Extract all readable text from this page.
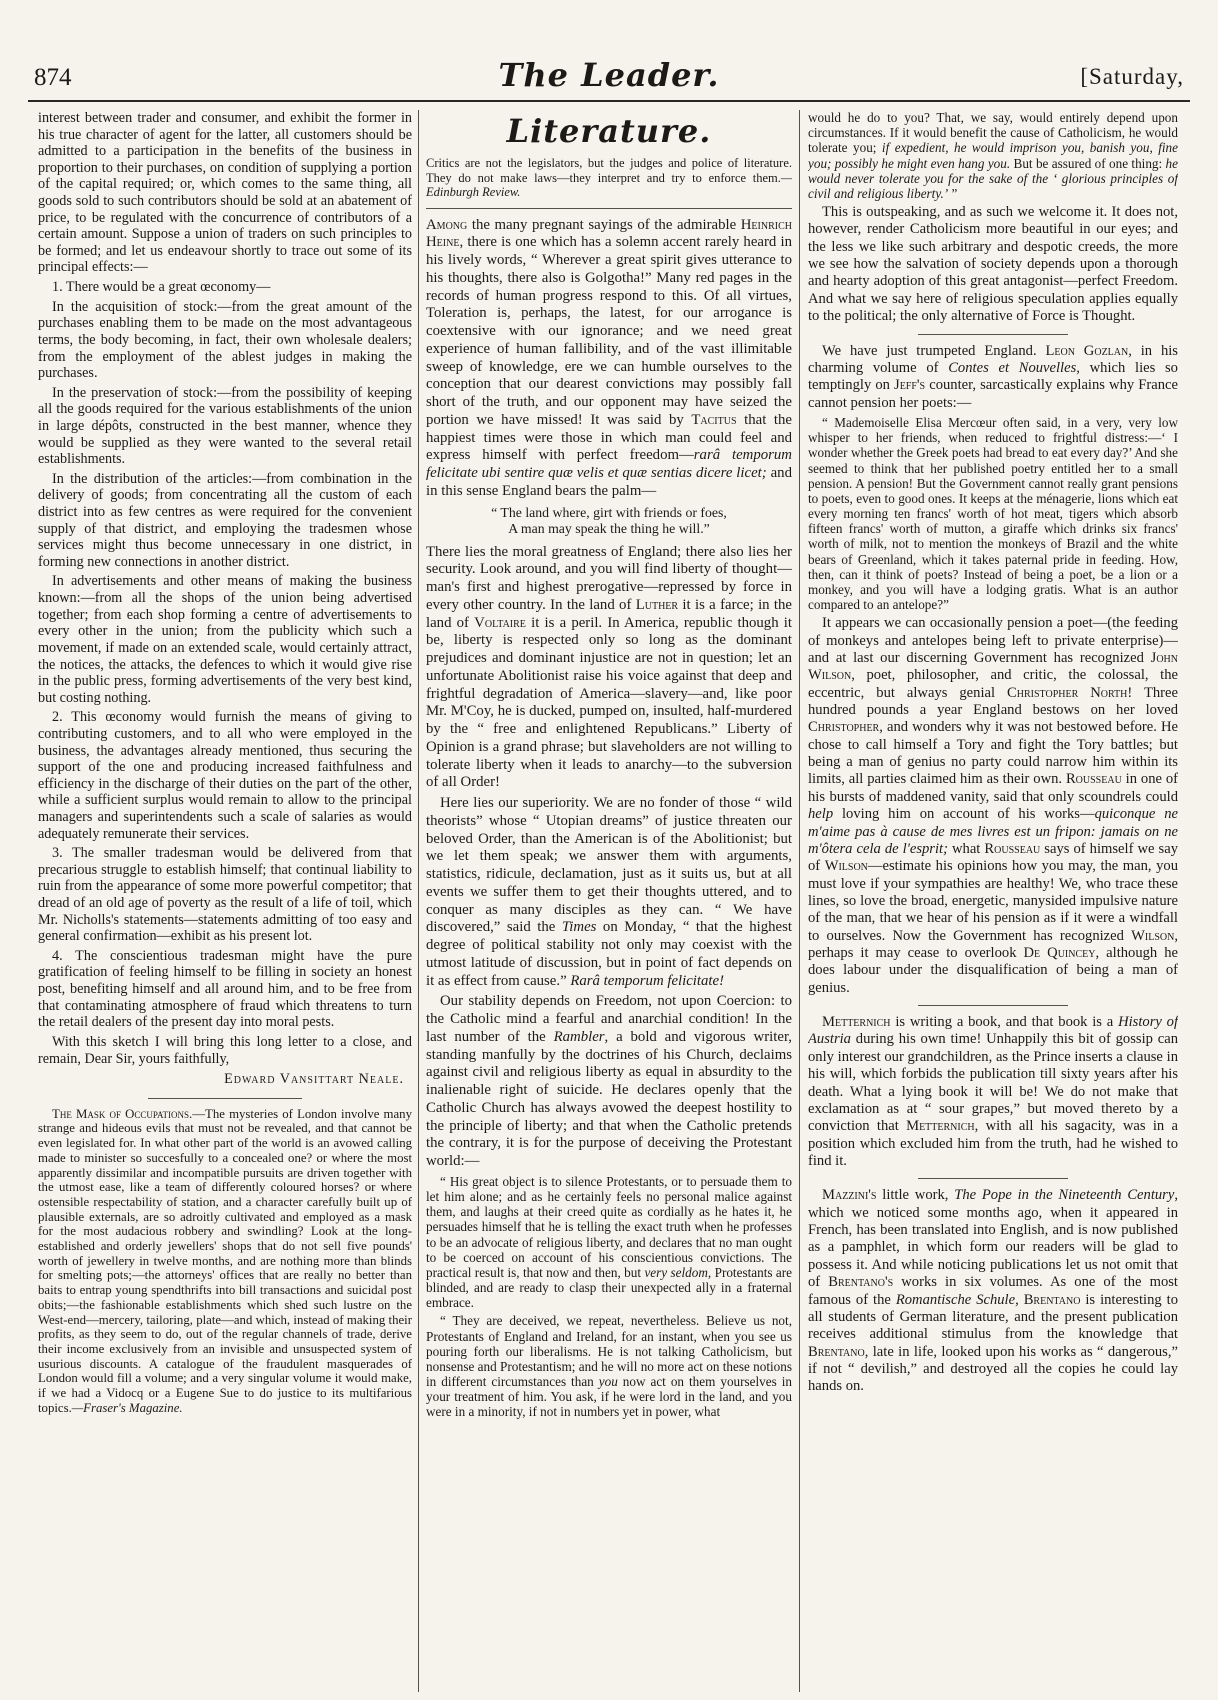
874	The Leader.	[Saturday,

interest between trader and consumer, and exhibit the former in his true character of agent for the latter, all customers should be admitted to a participation in the benefits of the business in proportion to their purchases, on condition of supplying a portion of the capital required; or, which comes to the same thing, all goods sold to such contributors should be sold at an abatement of price, to be regulated with the concurrence of contributors of a certain amount. Suppose a union of traders on such principles to be formed; and let us endeavour shortly to trace out some of its principal effects:—

1. There would be a great œconomy—

In the acquisition of stock:—from the great amount of the purchases enabling them to be made on the most advantageous terms, the body becoming, in fact, their own wholesale dealers; from the employment of the ablest judges in making the purchases.

In the preservation of stock:—from the possibility of keeping all the goods required for the various establishments of the union in large dépôts, constructed in the best manner, whence they would be supplied as they were wanted to the several retail establishments.

In the distribution of the articles:—from combination in the delivery of goods; from concentrating all the custom of each district into as few centres as were required for the convenient supply of that district, and employing the tradesmen whose services might thus become unnecessary in one district, in forming new connections in another district.

In advertisements and other means of making the business known:—from all the shops of the union being advertised together; from each shop forming a centre of advertisements to every other in the union; from the publicity which such a movement, if made on an extended scale, would certainly attract, the notices, the attacks, the defences to which it would give rise in the public press, forming advertisements of the very best kind, but costing nothing.

2. This œconomy would furnish the means of giving to contributing customers, and to all who were employed in the business, the advantages already mentioned, thus securing the support of the one and producing increased faithfulness and efficiency in the discharge of their duties on the part of the other, while a sufficient surplus would remain to allow to the principal managers and superintendents such a scale of salaries as would adequately remunerate their services.

3. The smaller tradesman would be delivered from that precarious struggle to establish himself; that continual liability to ruin from the appearance of some more powerful competitor; that dread of an old age of poverty as the result of a life of toil, which Mr. Nicholls's statements—statements admitting of too easy and general confirmation—exhibit as his present lot.

4. The conscientious tradesman might have the pure gratification of feeling himself to be filling in society an honest post, benefiting himself and all around him, and to be free from that contaminating atmosphere of fraud which threatens to turn the retail dealers of the present day into moral pests.

With this sketch I will bring this long letter to a close, and remain, Dear Sir, yours faithfully,

Edward Vansittart Neale.

The Mask of Occupations.—The mysteries of London involve many strange and hideous evils that must not be revealed, and that cannot be even legislated for. In what other part of the world is an avowed calling made to minister so succesfully to a concealed one? or where the most apparently dissimilar and incompatible pursuits are driven together with the utmost ease, like a team of differently coloured horses? or where ostensible respectability of station, and a character carefully built up of plausible externals, are so adroitly cultivated and employed as a mask for the most audacious robbery and swindling? Look at the long-established and orderly jewellers' shops that do not sell five pounds' worth of jewellery in twelve months, and are nothing more than blinds for smelting pots;—the attorneys' offices that are really no better than baits to entrap young spendthrifts into bill transactions and suicidal post obits;—the fashionable establishments which shed such lustre on the West-end—mercery, tailoring, plate—and which, instead of making their profits, as they seem to do, out of the regular channels of trade, derive their income exclusively from an invisible and unsuspected system of usurious discounts. A catalogue of the fraudulent masquerades of London would fill a volume; and a very singular volume it would make, if we had a Vidocq or a Eugene Sue to do justice to its multifarious topics.—Fraser's Magazine.

Literature.

Critics are not the legislators, but the judges and police of literature. They do not make laws—they interpret and try to enforce them.—Edinburgh Review.

Among the many pregnant sayings of the admirable Heinrich Heine, there is one which has a solemn accent rarely heard in his lively words, “ Wherever a great spirit gives utterance to his thoughts, there also is Golgotha!” Many red pages in the records of human progress respond to this. Of all virtues, Toleration is, perhaps, the latest, for our arrogance is coextensive with our ignorance; and we need great experience of human fallibility, and of the vast illimitable sweep of knowledge, ere we can humble ourselves to the conception that our dearest convictions may possibly fall short of the truth, and our opponent may have seized the portion we have missed! It was said by Tacitus that the happiest times were those in which man could feel and express himself with perfect freedom—rarâ temporum felicitate ubi sentire quæ velis et quæ sentias dicere licet; and in this sense England bears the palm—

“ The land where, girt with friends or foes,
A man may speak the thing he will.”

There lies the moral greatness of England; there also lies her security. Look around, and you will find liberty of thought—man's first and highest prerogative—repressed by force in every other country. In the land of Luther it is a farce; in the land of Voltaire it is a peril. In America, republic though it be, liberty is respected only so long as the dominant prejudices and dominant injustice are not in question; let an unfortunate Abolitionist raise his voice against that deep and frightful degradation of America—slavery—and, like poor Mr. M'Coy, he is ducked, pumped on, insulted, half-murdered by the “ free and enlightened Republicans.” Liberty of Opinion is a grand phrase; but slaveholders are not willing to tolerate liberty when it leads to anarchy—to the subversion of all Order!

Here lies our superiority. We are no fonder of those “ wild theorists” whose “ Utopian dreams” of justice threaten our beloved Order, than the American is of the Abolitionist; but we let them speak; we answer them with arguments, statistics, ridicule, declamation, just as it suits us, but at all events we suffer them to get their thoughts uttered, and to conquer as many disciples as they can. “ We have discovered,” said the Times on Monday, “ that the highest degree of political stability not only may coexist with the utmost latitude of discussion, but in point of fact depends on it as effect from cause.” Rarâ temporum felicitate!

Our stability depends on Freedom, not upon Coercion: to the Catholic mind a fearful and anarchial condition! In the last number of the Rambler, a bold and vigorous writer, standing manfully by the doctrines of his Church, declaims against civil and religious liberty as equal in absurdity to the inalienable right of suicide. He declares openly that the Catholic Church has always avowed the deepest hostility to the principle of liberty; and that when the Catholic pretends the contrary, it is for the purpose of deceiving the Protestant world:—

“ His great object is to silence Protestants, or to persuade them to let him alone; and as he certainly feels no personal malice against them, and laughs at their creed quite as cordially as he hates it, he persuades himself that he is telling the exact truth when he professes to be an advocate of religious liberty, and declares that no man ought to be coerced on account of his conscientious convictions. The practical result is, that now and then, but very seldom, Protestants are blinded, and are ready to clasp their unexpected ally in a fraternal embrace.

“ They are deceived, we repeat, nevertheless. Believe us not, Protestants of England and Ireland, for an instant, when you see us pouring forth our liberalisms. He is not talking Catholicism, but nonsense and Protestantism; and he will no more act on these notions in different circumstances than you now act on them yourselves in your treatment of him. You ask, if he were lord in the land, and you were in a minority, if not in numbers yet in power, what

would he do to you? That, we say, would entirely depend upon circumstances. If it would benefit the cause of Catholicism, he would tolerate you; if expedient, he would imprison you, banish you, fine you; possibly he might even hang you. But be assured of one thing: he would never tolerate you for the sake of the ‘ glorious principles of civil and religious liberty.’ ”

This is outspeaking, and as such we welcome it. It does not, however, render Catholicism more beautiful in our eyes; and the less we like such arbitrary and despotic creeds, the more we see how the salvation of society depends upon a thorough and hearty adoption of this great antagonist—perfect Freedom. And what we say here of religious speculation applies equally to the political; the only alternative of Force is Thought.

We have just trumpeted England. Leon Gozlan, in his charming volume of Contes et Nouvelles, which lies so temptingly on Jeff's counter, sarcastically explains why France cannot pension her poets:—

“ Mademoiselle Elisa Mercœur often said, in a very, very low whisper to her friends, when reduced to frightful distress:—‘ I wonder whether the Greek poets had bread to eat every day?’ And she seemed to think that her published poetry entitled her to a small pension. A pension! But the Government cannot really grant pensions to poets, even to good ones. It keeps at the ménagerie, lions which eat every morning ten francs' worth of hot meat, tigers which absorb fifteen francs' worth of mutton, a giraffe which drinks six francs' worth of milk, not to mention the monkeys of Brazil and the white bears of Greenland, which it takes paternal pride in feeding. How, then, can it think of poets? Instead of being a poet, be a lion or a monkey, and you will have a lodging gratis. What is an author compared to an antelope?”

It appears we can occasionally pension a poet—(the feeding of monkeys and antelopes being left to private enterprise)—and at last our discerning Government has recognized John Wilson, poet, philosopher, and critic, the colossal, the eccentric, but always genial Christopher North! Three hundred pounds a year England bestows on her loved Christopher, and wonders why it was not bestowed before. He chose to call himself a Tory and fight the Tory battles; but being a man of genius no party could narrow him within its limits, all parties claimed him as their own. Rousseau in one of his bursts of maddened vanity, said that only scoundrels could help loving him on account of his works—quiconque ne m'aime pas à cause de mes livres est un fripon: jamais on ne m'ôtera cela de l'esprit; what Rousseau says of himself we say of Wilson—estimate his opinions how you may, the man, you must love if your sympathies are healthy! We, who trace these lines, so love the broad, energetic, manysided impulsive nature of the man, that we hear of his pension as if it were a windfall to ourselves. Now the Government has recognized Wilson, perhaps it may cease to overlook De Quincey, although he does labour under the disqualification of being a man of genius.

Metternich is writing a book, and that book is a History of Austria during his own time! Unhappily this bit of gossip can only interest our grandchildren, as the Prince inserts a clause in his will, which forbids the publication till sixty years after his death. What a lying book it will be! We do not make that exclamation as at “ sour grapes,” but moved thereto by a conviction that Metternich, with all his sagacity, was in a position which excluded him from the truth, had he wished to find it.

Mazzini's little work, The Pope in the Nineteenth Century, which we noticed some months ago, when it appeared in French, has been translated into English, and is now published as a pamphlet, in which form our readers will be glad to possess it. And while noticing publications let us not omit that of Brentano's works in six volumes. As one of the most famous of the Romantische Schule, Brentano is interesting to all students of German literature, and the present publication receives additional stimulus from the knowledge that Brentano, late in life, looked upon his works as “ dangerous,” if not “ devilish,” and destroyed all the copies he could lay hands on.
